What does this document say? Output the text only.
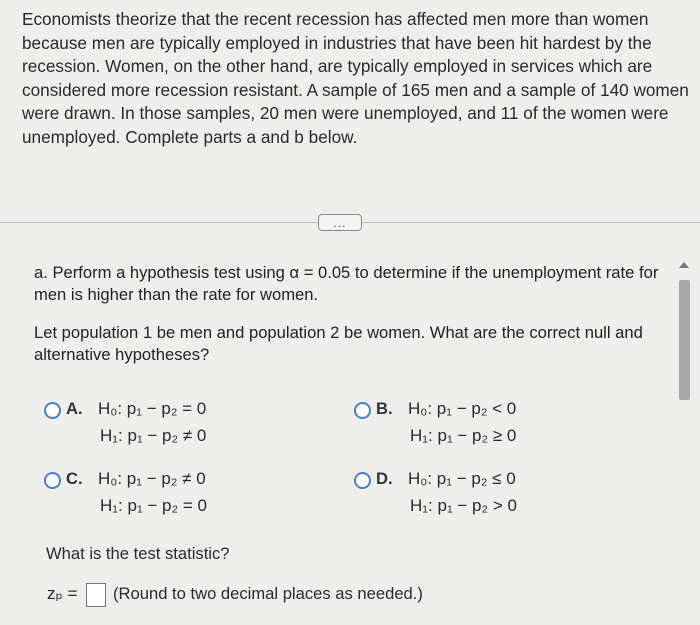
Economists theorize that the recent recession has affected men more than women because men are typically employed in industries that have been hit hardest by the recession. Women, on the other hand, are typically employed in services which are considered more recession resistant. A sample of 165 men and a sample of 140 women were drawn. In those samples, 20 men were unemployed, and 11 of the women were unemployed. Complete parts a and b below.
...

a. Perform a hypothesis test using α = 0.05 to determine if the unemployment rate for men is higher than the rate for women.

Let population 1 be men and population 2 be women. What are the correct null and alternative hypotheses?

A. H₀: p₁ − p₂ = 0
H₁: p₁ − p₂ ≠ 0
B. H₀: p₁ − p₂ < 0
H₁: p₁ − p₂ ≥ 0
C. H₀: p₁ − p₂ ≠ 0
H₁: p₁ − p₂ = 0
D. H₀: p₁ − p₂ ≤ 0
H₁: p₁ − p₂ > 0
What is the test statistic?
zₚ = (Round to two decimal places as needed.)
